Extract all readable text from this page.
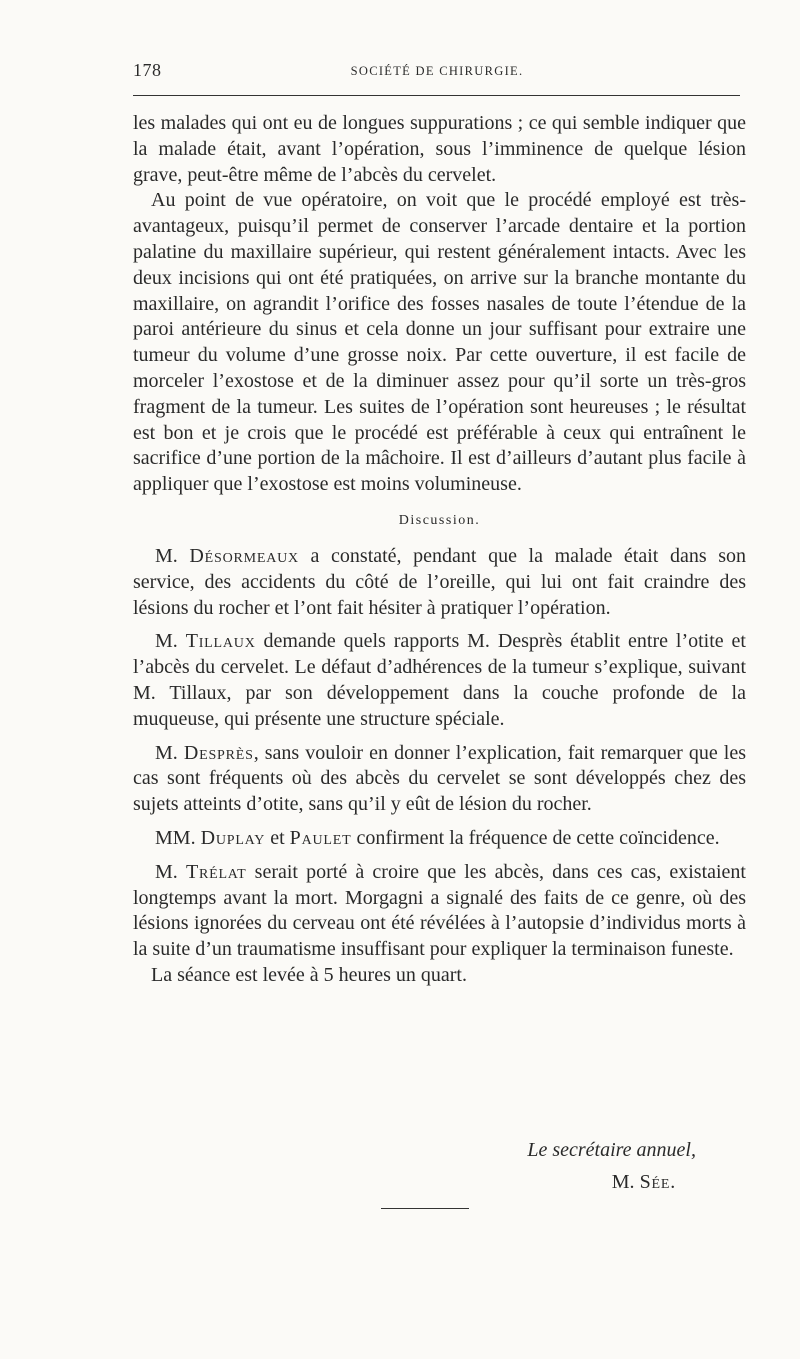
178	SOCIÉTÉ DE CHIRURGIE.

les malades qui ont eu de longues suppurations ; ce qui semble indiquer que la malade était, avant l’opération, sous l’imminence de quelque lésion grave, peut-être même de l’abcès du cervelet.

Au point de vue opératoire, on voit que le procédé employé est très-avantageux, puisqu’il permet de conserver l’arcade dentaire et la portion palatine du maxillaire supérieur, qui restent généralement intacts. Avec les deux incisions qui ont été pratiquées, on arrive sur la branche montante du maxillaire, on agrandit l’orifice des fosses nasales de toute l’étendue de la paroi antérieure du sinus et cela donne un jour suffisant pour extraire une tumeur du volume d’une grosse noix. Par cette ouverture, il est facile de morceler l’exostose et de la diminuer assez pour qu’il sorte un très-gros fragment de la tumeur. Les suites de l’opération sont heureuses ; le résultat est bon et je crois que le procédé est préférable à ceux qui entraînent le sacrifice d’une portion de la mâchoire. Il est d’ailleurs d’autant plus facile à appliquer que l’exostose est moins volumineuse.

Discussion.

M. Désormeaux a constaté, pendant que la malade était dans son service, des accidents du côté de l’oreille, qui lui ont fait craindre des lésions du rocher et l’ont fait hésiter à pratiquer l’opération.

M. Tillaux demande quels rapports M. Desprès établit entre l’otite et l’abcès du cervelet. Le défaut d’adhérences de la tumeur s’explique, suivant M. Tillaux, par son développement dans la couche profonde de la muqueuse, qui présente une structure spéciale.

M. Desprès, sans vouloir en donner l’explication, fait remarquer que les cas sont fréquents où des abcès du cervelet se sont développés chez des sujets atteints d’otite, sans qu’il y eût de lésion du rocher.

MM. Duplay et Paulet confirment la fréquence de cette coïncidence.

M. Trélat serait porté à croire que les abcès, dans ces cas, existaient longtemps avant la mort. Morgagni a signalé des faits de ce genre, où des lésions ignorées du cerveau ont été révélées à l’autopsie d’individus morts à la suite d’un traumatisme insuffisant pour expliquer la terminaison funeste.

La séance est levée à 5 heures un quart.

Le secrétaire annuel,
M. Sée.
